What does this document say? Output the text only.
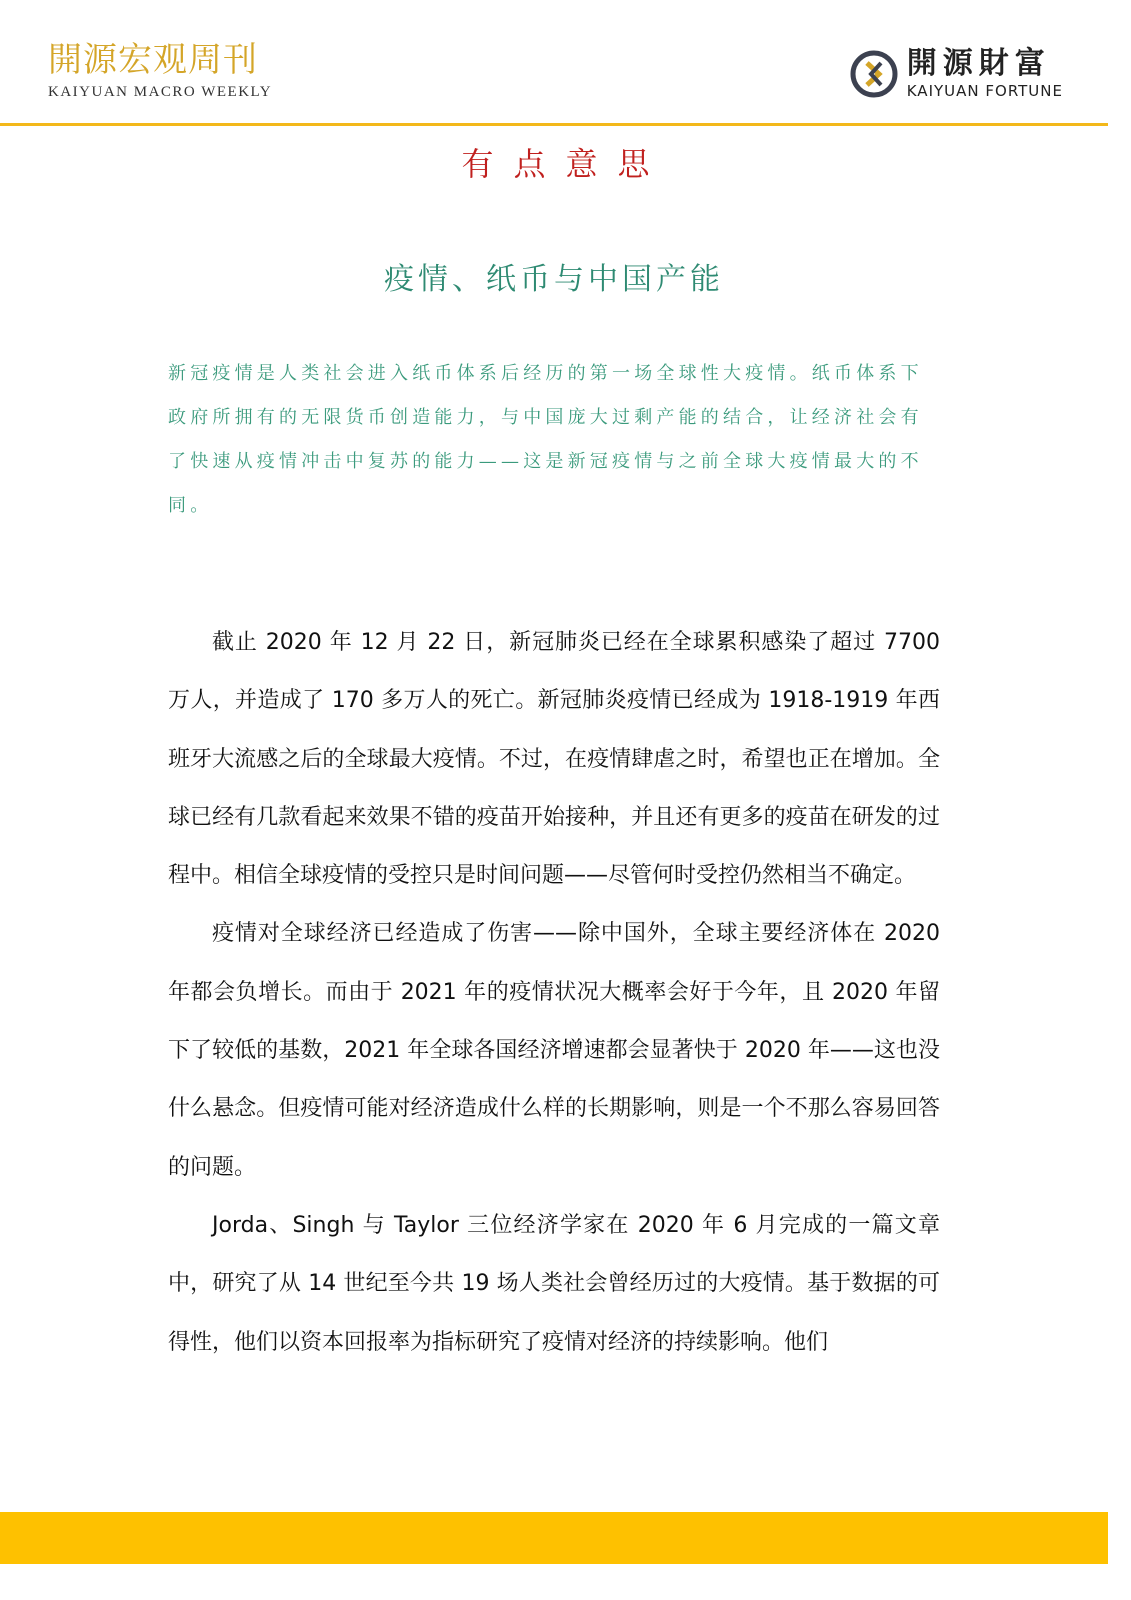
開源宏观周刊
KAIYUAN MACRO WEEKLY
開源財富
KAIYUAN FORTUNE
有点意思
疫情、纸币与中国产能
新冠疫情是人类社会进入纸币体系后经历的第一场全球性大疫情。纸币体系下政府所拥有的无限货币创造能力，与中国庞大过剩产能的结合，让经济社会有了快速从疫情冲击中复苏的能力——这是新冠疫情与之前全球大疫情最大的不同。

截止 2020 年 12 月 22 日，新冠肺炎已经在全球累积感染了超过 7700 万人，并造成了 170 多万人的死亡。新冠肺炎疫情已经成为 1918-1919 年西班牙大流感之后的全球最大疫情。不过，在疫情肆虐之时，希望也正在增加。全球已经有几款看起来效果不错的疫苗开始接种，并且还有更多的疫苗在研发的过程中。相信全球疫情的受控只是时间问题——尽管何时受控仍然相当不确定。

疫情对全球经济已经造成了伤害——除中国外，全球主要经济体在 2020 年都会负增长。而由于 2021 年的疫情状况大概率会好于今年，且 2020 年留下了较低的基数，2021 年全球各国经济增速都会显著快于 2020 年——这也没什么悬念。但疫情可能对经济造成什么样的长期影响，则是一个不那么容易回答的问题。

Jorda、Singh 与 Taylor 三位经济学家在 2020 年 6 月完成的一篇文章中，研究了从 14 世纪至今共 19 场人类社会曾经历过的大疫情。基于数据的可得性，他们以资本回报率为指标研究了疫情对经济的持续影响。他们
